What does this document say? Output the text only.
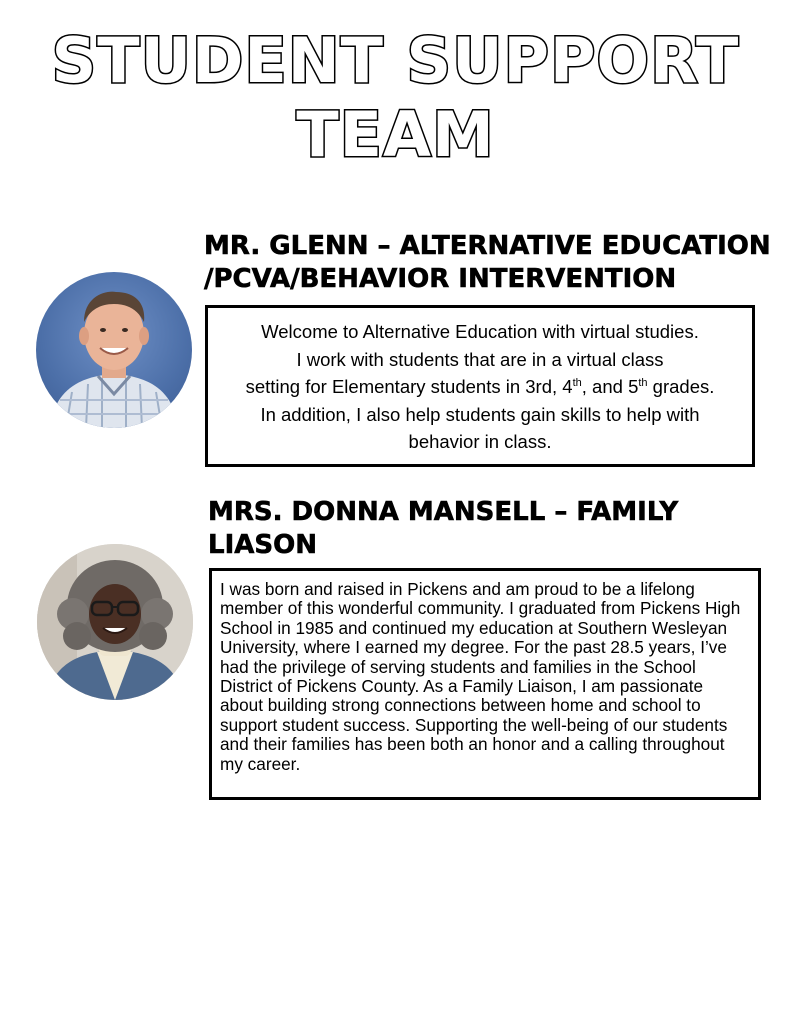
STUDENT SUPPORT
TEAM
MR. GLENN – ALTERNATIVE EDUCATION /PCVA/BEHAVIOR INTERVENTION

Welcome to Alternative Education with virtual studies.
I work with students that are in a virtual class
setting for Elementary students in 3rd, 4th, and 5th grades.
In addition, I also help students gain skills to help with
behavior in class.

MRS. DONNA MANSELL – FAMILY LIASON

I was born and raised in Pickens and am proud to be a lifelong member of this wonderful community. I graduated from Pickens High School in 1985 and continued my education at Southern Wesleyan University, where I earned my degree. For the past 28.5 years, I’ve had the privilege of serving students and families in the School District of Pickens County. As a Family Liaison, I am passionate about building strong connections between home and school to support student success. Supporting the well-being of our students and their families has been both an honor and a calling throughout my career.
